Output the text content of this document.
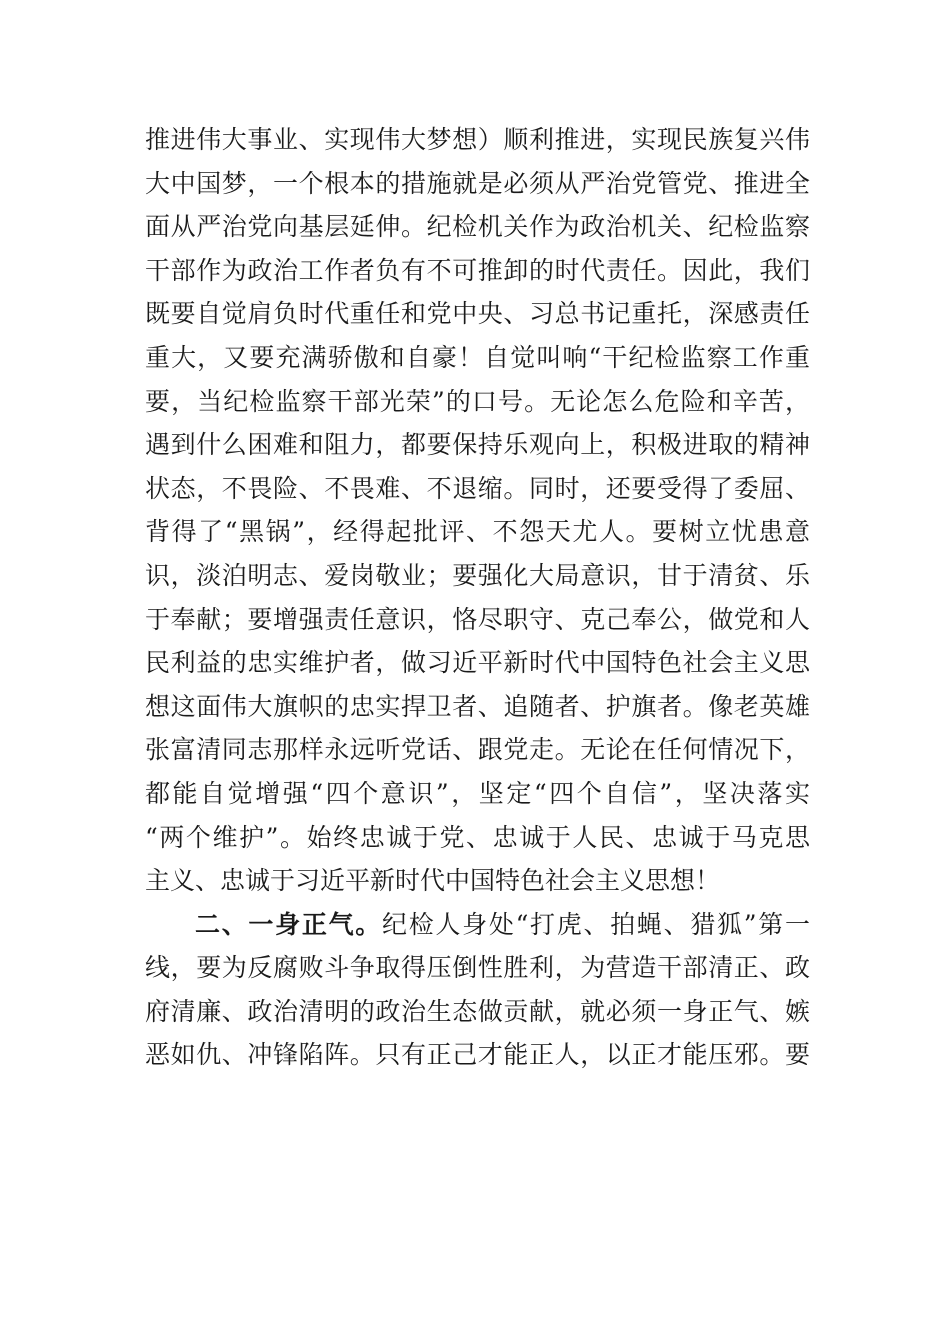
推进伟大事业、实现伟大梦想）顺利推进，实现民族复兴伟
大中国梦，一个根本的措施就是必须从严治党管党、推进全
面从严治党向基层延伸。纪检机关作为政治机关、纪检监察
干部作为政治工作者负有不可推卸的时代责任。因此，我们
既要自觉肩负时代重任和党中央、习总书记重托，深感责任
重大，又要充满骄傲和自豪！自觉叫响“干纪检监察工作重
要，当纪检监察干部光荣”的口号。无论怎么危险和辛苦，
遇到什么困难和阻力，都要保持乐观向上，积极进取的精神
状态，不畏险、不畏难、不退缩。同时，还要受得了委屈、
背得了“黑锅”，经得起批评、不怨天尤人。要树立忧患意
识，淡泊明志、爱岗敬业；要强化大局意识，甘于清贫、乐
于奉献；要增强责任意识，恪尽职守、克己奉公，做党和人
民利益的忠实维护者，做习近平新时代中国特色社会主义思
想这面伟大旗帜的忠实捍卫者、追随者、护旗者。像老英雄
张富清同志那样永远听党话、跟党走。无论在任何情况下，
都能自觉增强“四个意识”，坚定“四个自信”，坚决落实
“两个维护”。始终忠诚于党、忠诚于人民、忠诚于马克思
主义、忠诚于习近平新时代中国特色社会主义思想！
二、一身正气。纪检人身处“打虎、拍蝇、猎狐”第一
线，要为反腐败斗争取得压倒性胜利，为营造干部清正、政
府清廉、政治清明的政治生态做贡献，就必须一身正气、嫉
恶如仇、冲锋陷阵。只有正己才能正人，以正才能压邪。要
